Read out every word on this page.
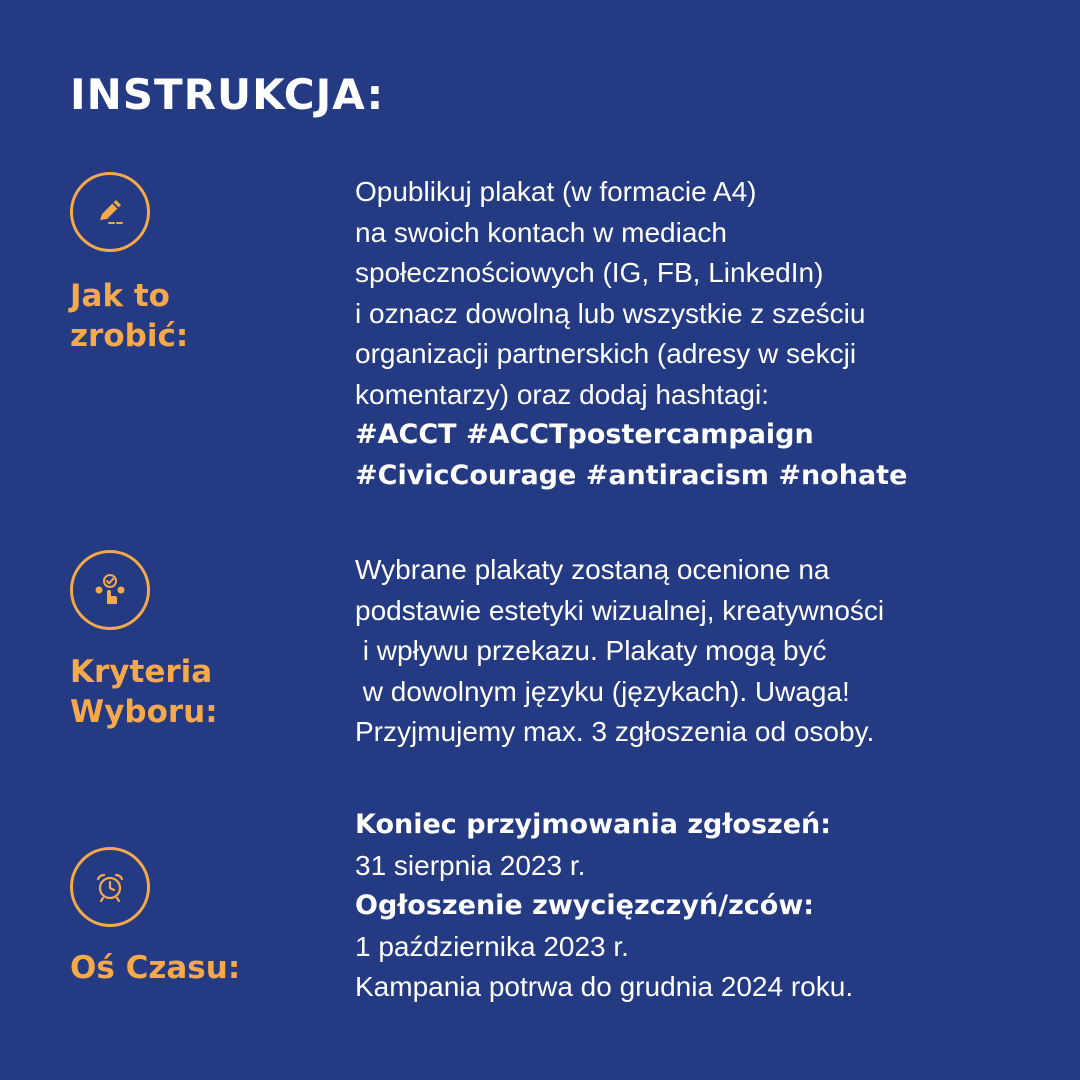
INSTRUKCJA:
Jak to
zrobić:
Opublikuj plakat (w formacie A4)
na swoich kontach w mediach
społecznościowych (IG, FB, LinkedIn)
i oznacz dowolną lub wszystkie z sześciu
organizacji partnerskich (adresy w sekcji
komentarzy) oraz dodaj hashtagi:
#ACCT #ACCTpostercampaign
#CivicCourage #antiracism #nohate
Kryteria
Wyboru:
Wybrane plakaty zostaną ocenione na
podstawie estetyki wizualnej, kreatywności
i wpływu przekazu. Plakaty mogą być
w dowolnym języku (językach). Uwaga!
Przyjmujemy max. 3 zgłoszenia od osoby.
Oś Czasu:
Koniec przyjmowania zgłoszeń:
31 sierpnia 2023 r.
Ogłoszenie zwycięzczyń/zców:
1 października 2023 r.
Kampania potrwa do grudnia 2024 roku.
